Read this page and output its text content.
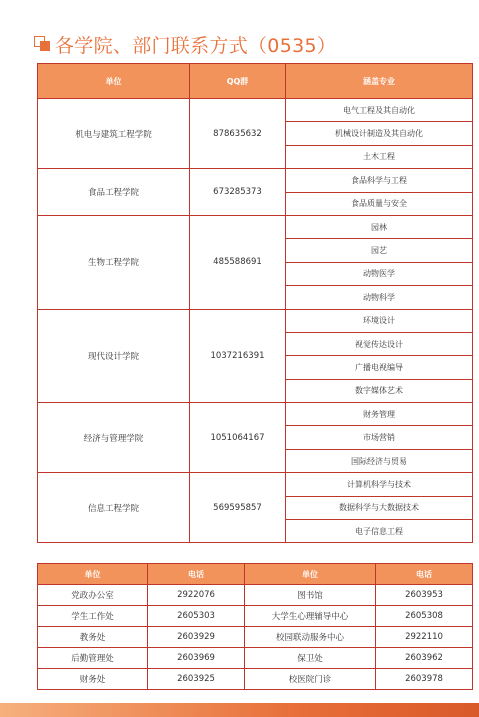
各学院、部门联系方式（0535）
单位	QQ群	涵盖专业
机电与建筑工程学院	878635632	电气工程及其自动化
		机械设计制造及其自动化
		土木工程
食品工程学院	673285373	食品科学与工程
		食品质量与安全
生物工程学院	485588691	园林
		园艺
		动物医学
		动物科学
现代设计学院	1037216391	环境设计
		视觉传达设计
		广播电视编导
		数字媒体艺术
经济与管理学院	1051064167	财务管理
		市场营销
		国际经济与贸易
信息工程学院	569595857	计算机科学与技术
		数据科学与大数据技术
		电子信息工程
单位	电话	单位	电话
党政办公室	2922076	图书馆	2603953
学生工作处	2605303	大学生心理辅导中心	2605308
教务处	2603929	校园联动服务中心	2922110
后勤管理处	2603969	保卫处	2603962
财务处	2603925	校医院门诊	2603978
